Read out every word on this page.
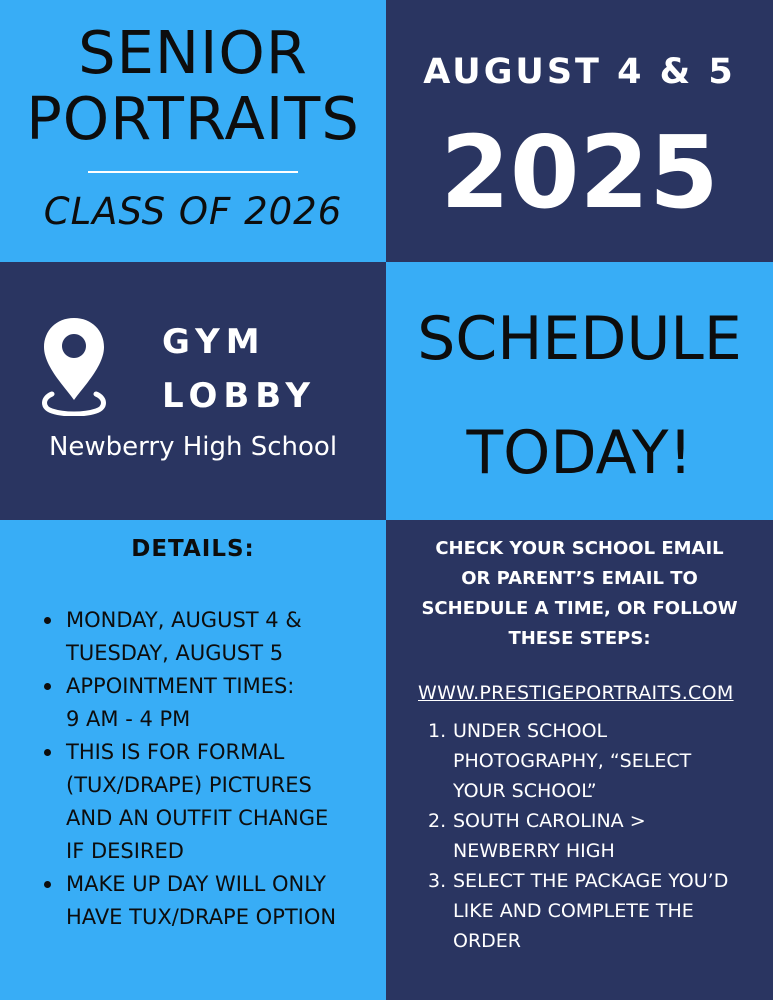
SENIOR
PORTRAITS
CLASS OF 2026
AUGUST 4 & 5
2025
GYM
LOBBY
Newberry High School
SCHEDULE
TODAY!
DETAILS:
MONDAY, AUGUST 4 &
TUESDAY, AUGUST 5
APPOINTMENT TIMES:
9 AM - 4 PM
THIS IS FOR FORMAL
(TUX/DRAPE) PICTURES
AND AN OUTFIT CHANGE
IF DESIRED
MAKE UP DAY WILL ONLY
HAVE TUX/DRAPE OPTION
CHECK YOUR SCHOOL EMAIL
OR PARENT’S EMAIL TO
SCHEDULE A TIME, OR FOLLOW
THESE STEPS:
WWW.PRESTIGEPORTRAITS.COM
1. UNDER SCHOOL
PHOTOGRAPHY, “SELECT
YOUR SCHOOL”
2. SOUTH CAROLINA >
NEWBERRY HIGH
3. SELECT THE PACKAGE YOU’D
LIKE AND COMPLETE THE
ORDER
